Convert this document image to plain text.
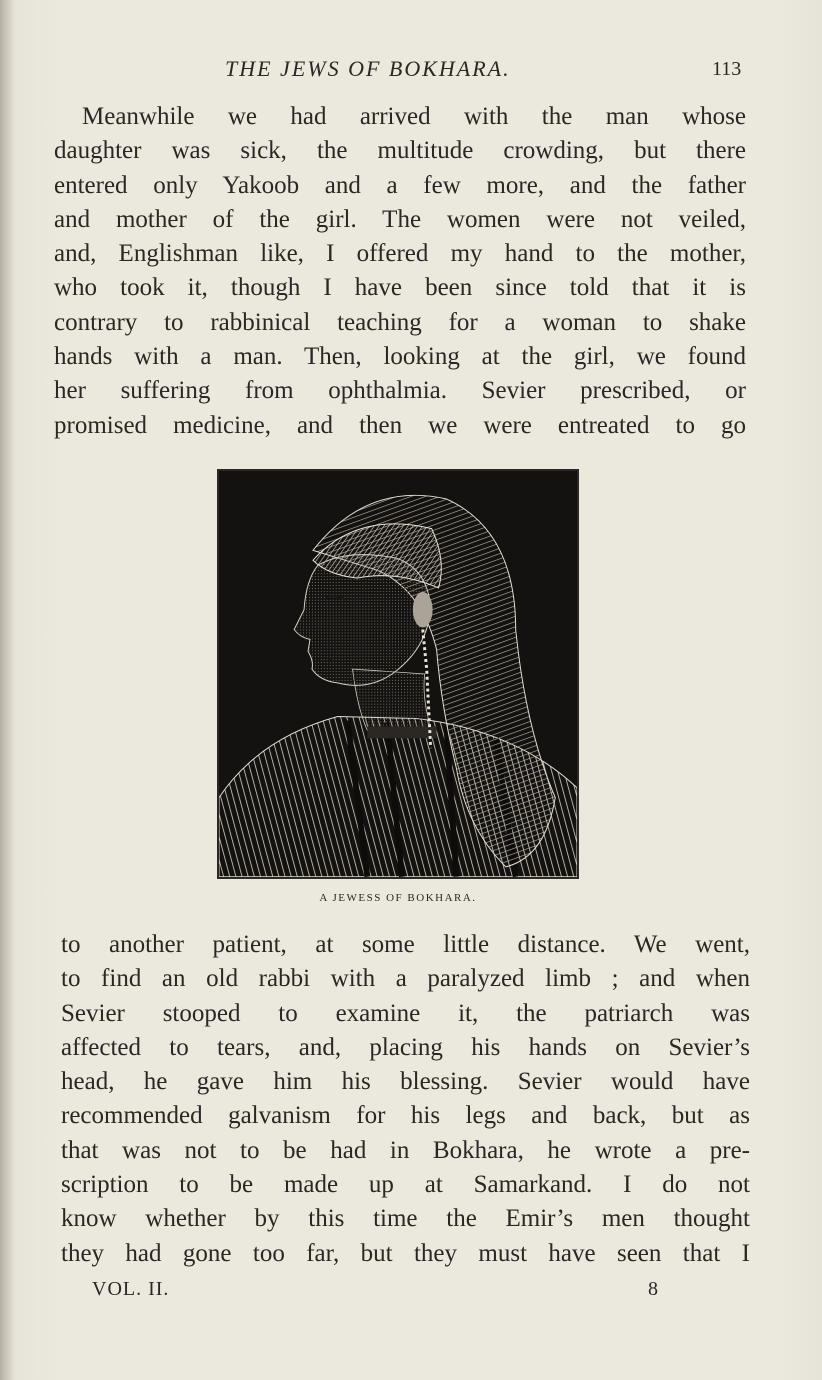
THE JEWS OF BOKHARA.	113
Meanwhile we had arrived with the man whose
daughter was sick, the multitude crowding, but there
entered only Yakoob and a few more, and the father
and mother of the girl. The women were not veiled,
and, Englishman like, I offered my hand to the mother,
who took it, though I have been since told that it is
contrary to rabbinical teaching for a woman to shake
hands with a man. Then, looking at the girl, we found
her suffering from ophthalmia. Sevier prescribed, or
promised medicine, and then we were entreated to go
A JEWESS OF BOKHARA.
to another patient, at some little distance. We went,
to find an old rabbi with a paralyzed limb ; and when
Sevier stooped to examine it, the patriarch was
affected to tears, and, placing his hands on Sevier’s
head, he gave him his blessing. Sevier would have
recommended galvanism for his legs and back, but as
that was not to be had in Bokhara, he wrote a pre-
scription to be made up at Samarkand. I do not
know whether by this time the Emir’s men thought
they had gone too far, but they must have seen that I
VOL. II.	8
